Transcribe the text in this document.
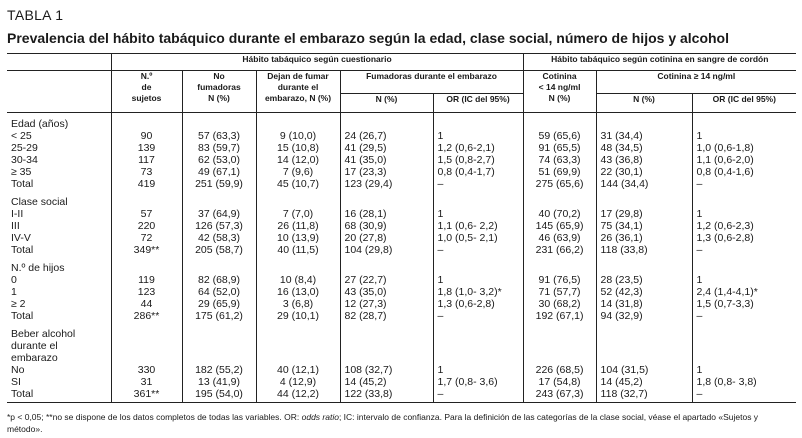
TABLA 1
Prevalencia del hábito tabáquico durante el embarazo según la edad, clase social, número de hijos y alcohol
	Hábito tabáquico según cuestionario					Hábito tabáquico según cotinina en sangre de cordón		
	N.º
de
sujetos	No
fumadoras
N (%)	Dejan de fumar
durante el
embarazo, N (%)	Fumadoras durante el embarazo		Cotinina
< 14 ng/ml
N (%)	Cotinina ≥ 14 ng/ml	
				N (%)	OR (IC del 95%)		N (%)	OR (IC del 95%)
Edad (años)								
< 25	90	57 (63,3)	9 (10,0)	24 (26,7)	1	59 (65,6)	31 (34,4)	1
25-29	139	83 (59,7)	15 (10,8)	41 (29,5)	1,2 (0,6-2,1)	91 (65,5)	48 (34,5)	1,0 (0,6-1,8)
30-34	117	62 (53,0)	14 (12,0)	41 (35,0)	1,5 (0,8-2,7)	74 (63,3)	43 (36,8)	1,1 (0,6-2,0)
≥ 35	73	49 (67,1)	7 (9,6)	17 (23,3)	0,8 (0,4-1,7)	51 (69,9)	22 (30,1)	0,8 (0,4-1,6)
Total	419	251 (59,9)	45 (10,7)	123 (29,4)	–	275 (65,6)	144 (34,4)	–

Clase social								
I-II	57	37 (64,9)	7 (7,0)	16 (28,1)	1	40 (70,2)	17 (29,8)	1
III	220	126 (57,3)	26 (11,8)	68 (30,9)	1,1 (0,6- 2,2)	145 (65,9)	75 (34,1)	1,2 (0,6-2,3)
IV-V	72	42 (58,3)	10 (13,9)	20 (27,8)	1,0 (0,5- 2,1)	46 (63,9)	26 (36,1)	1,3 (0,6-2,8)
Total	349**	205 (58,7)	40 (11,5)	104 (29,8)	–	231 (66,2)	118 (33,8)	–

N.º de hijos								
0	119	82 (68,9)	10 (8,4)	27 (22,7)	1	91 (76,5)	28 (23,5)	1
1	123	64 (52,0)	16 (13,0)	43 (35,0)	1,8 (1,0- 3,2)*	71 (57,7)	52 (42,3)	2,4 (1,4-4,1)*
≥ 2	44	29 (65,9)	3 (6,8)	12 (27,3)	1,3 (0,6-2,8)	30 (68,2)	14 (31,8)	1,5 (0,7-3,3)
Total	286**	175 (61,2)	29 (10,1)	82 (28,7)	–	192 (67,1)	94 (32,9)	–

Beber alcohol								
durante el								
embarazo								
No	330	182 (55,2)	40 (12,1)	108 (32,7)	1	226 (68,5)	104 (31,5)	1
SI	31	13 (41,9)	4 (12,9)	14 (45,2)	1,7 (0,8- 3,6)	17 (54,8)	14 (45,2)	1,8 (0,8- 3,8)
Total	361**	195 (54,0)	44 (12,2)	122 (33,8)	–	243 (67,3)	118 (32,7)	–
*p < 0,05; **no se dispone de los datos completos de todas las variables. OR: odds ratio; IC: intervalo de confianza. Para la definición de las categorías de la clase social, véase el apartado «Sujetos y método».
